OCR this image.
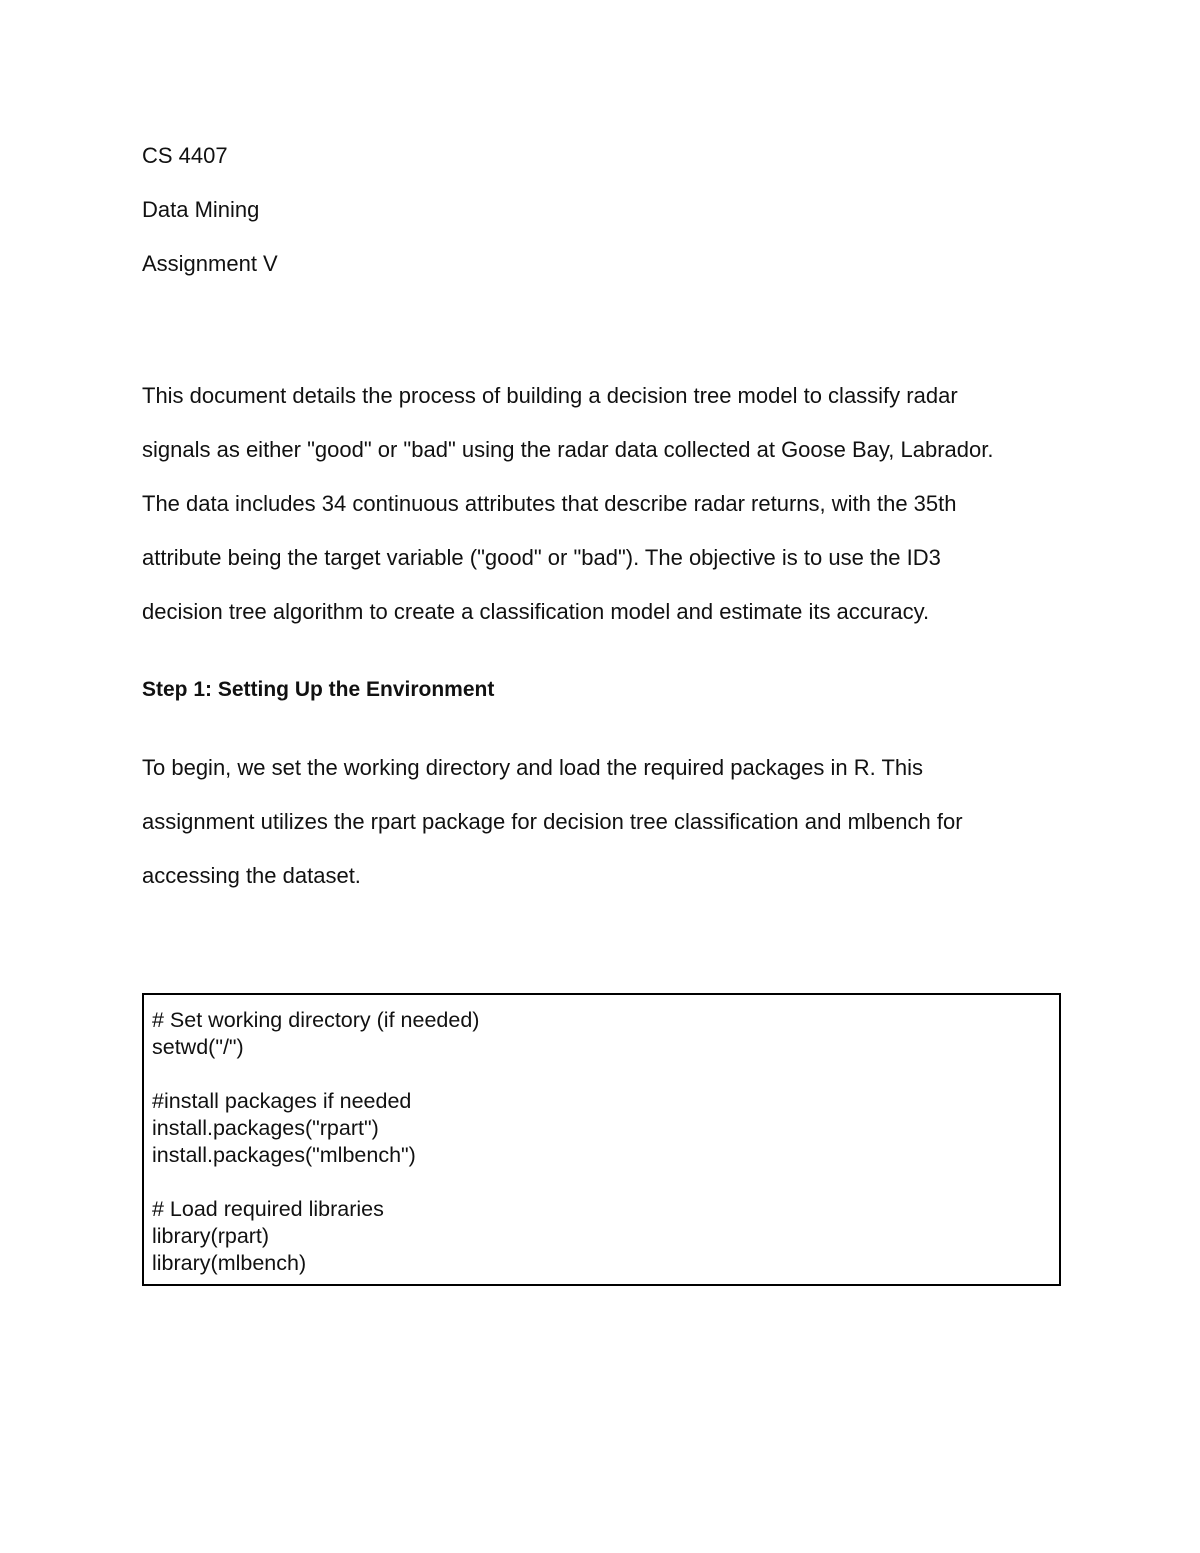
CS 4407

Data Mining

Assignment V

This document details the process of building a decision tree model to classify radar

signals as either "good" or "bad" using the radar data collected at Goose Bay, Labrador.

The data includes 34 continuous attributes that describe radar returns, with the 35th

attribute being the target variable ("good" or "bad"). The objective is to use the ID3

decision tree algorithm to create a classification model and estimate its accuracy.

Step 1: Setting Up the Environment

To begin, we set the working directory and load the required packages in R. This

assignment utilizes the rpart package for decision tree classification and mlbench for

accessing the dataset.

# Set working directory (if needed)

setwd("/")

#install packages if needed

install.packages("rpart")

install.packages("mlbench")

# Load required libraries

library(rpart)

library(mlbench)
